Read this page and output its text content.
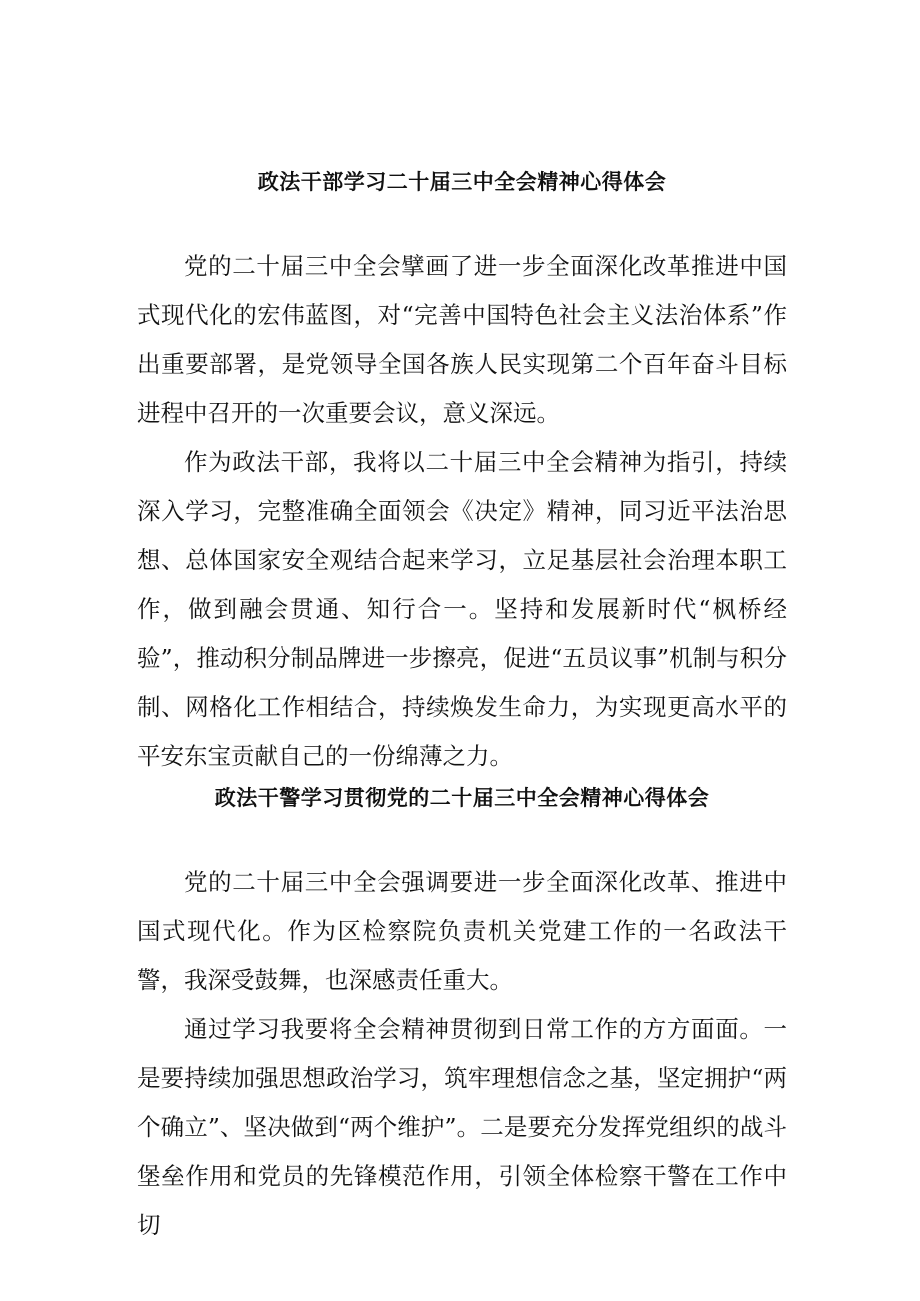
政法干部学习二十届三中全会精神心得体会

党的二十届三中全会擘画了进一步全面深化改革推进中国式现代化的宏伟蓝图，对“完善中国特色社会主义法治体系”作出重要部署，是党领导全国各族人民实现第二个百年奋斗目标进程中召开的一次重要会议，意义深远。

作为政法干部，我将以二十届三中全会精神为指引，持续深入学习，完整准确全面领会《决定》精神，同习近平法治思想、总体国家安全观结合起来学习，立足基层社会治理本职工作，做到融会贯通、知行合一。坚持和发展新时代“枫桥经验”，推动积分制品牌进一步擦亮，促进“五员议事”机制与积分制、网格化工作相结合，持续焕发生命力，为实现更高水平的平安东宝贡献自己的一份绵薄之力。

政法干警学习贯彻党的二十届三中全会精神心得体会

党的二十届三中全会强调要进一步全面深化改革、推进中国式现代化。作为区检察院负责机关党建工作的一名政法干警，我深受鼓舞，也深感责任重大。

通过学习我要将全会精神贯彻到日常工作的方方面面。一是要持续加强思想政治学习，筑牢理想信念之基，坚定拥护“两个确立”、坚决做到“两个维护”。二是要充分发挥党组织的战斗堡垒作用和党员的先锋模范作用，引领全体检察干警在工作中切
